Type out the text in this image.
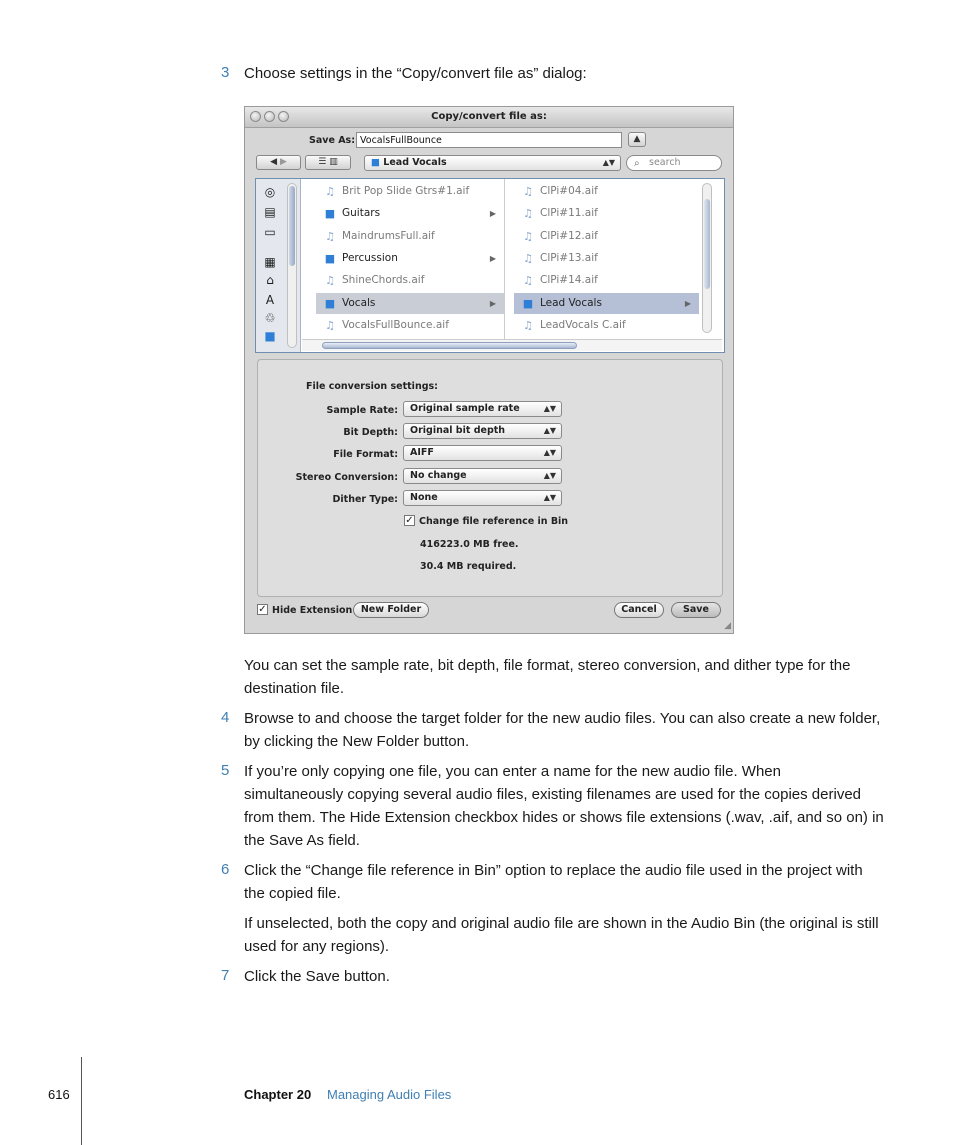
3 Choose settings in the “Copy/convert file as” dialog:
Copy/convert file as:
Save As: VocalsFullBounce	▲
◀ ▶	☰ ▥	■ Lead Vocals	▲▼ ⌕ search
◎
▤
▭
▦
⌂
A
♲
■
♫ Brit Pop Slide Gtrs#1.aif
■ Guitars	▶
♫ MaindrumsFull.aif
■ Percussion	▶
♫ ShineChords.aif
■ Vocals	▶
♫ VocalsFullBounce.aif
♫ ClPi#04.aif
♫ ClPi#11.aif
♫ ClPi#12.aif
♫ ClPi#13.aif
♫ ClPi#14.aif
■ Lead Vocals	▶
♫ LeadVocals C.aif
File conversion settings:
Sample Rate:	Original sample rate	▲▼
Bit Depth:	Original bit depth	▲▼
File Format:	AIFF	▲▼
Stereo Conversion:	No change	▲▼
Dither Type:	None	▲▼
✓ Change file reference in Bin
416223.0 MB free.
30.4 MB required.
✓ Hide Extension New Folder	Cancel	Save
◢
You can set the sample rate, bit depth, file format, stereo conversion, and dither type for the destination file.
4 Browse to and choose the target folder for the new audio files. You can also create a new folder, by clicking the New Folder button.
5 If you’re only copying one file, you can enter a name for the new audio file. When simultaneously copying several audio files, existing filenames are used for the copies derived from them. The Hide Extension checkbox hides or shows file extensions (.wav, .aif, and so on) in the Save As field.
6 Click the “Change file reference in Bin” option to replace the audio file used in the project with the copied file.
If unselected, both the copy and original audio file are shown in the Audio Bin (the original is still used for any regions).
7 Click the Save button.
616	Chapter 20 Managing Audio Files
